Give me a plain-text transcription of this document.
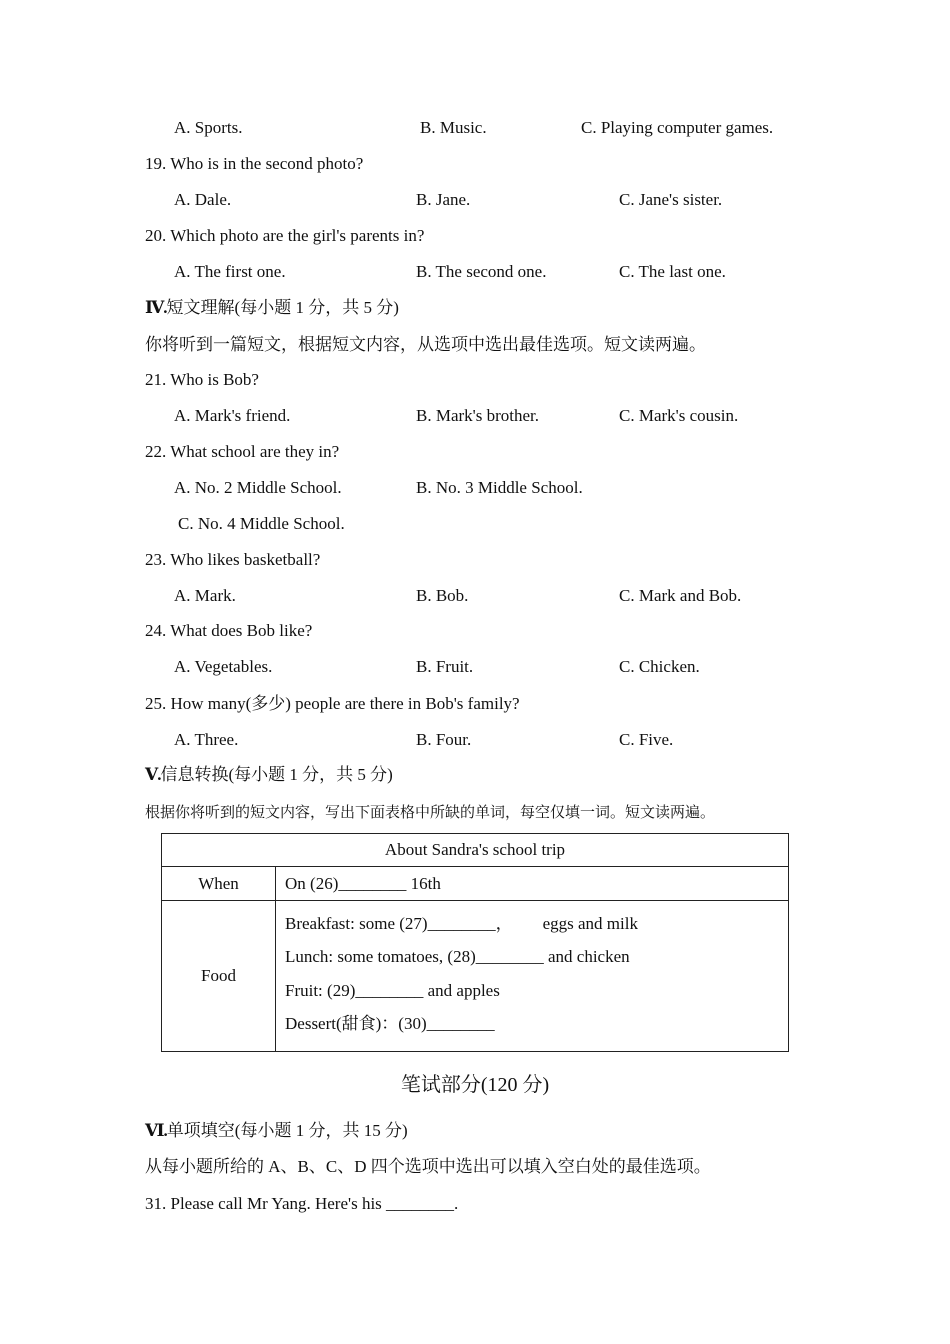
A. Sports.	B. Music.	C. Playing computer games.
19. Who is in the second photo?
A. Dale.	B. Jane.	C. Jane's sister.
20. Which photo are the girl's parents in?
A. The first one.	B. The second one.	C. The last one.
Ⅳ.短文理解(每小题 1 分，共 5 分)
你将听到一篇短文，根据短文内容，从选项中选出最佳选项。短文读两遍。
21. Who is Bob?
A. Mark's friend.	B. Mark's brother.	C. Mark's cousin.
22. What school are they in?
A. No. 2 Middle School.	B. No. 3 Middle School.
C. No. 4 Middle School.
23. Who likes basketball?
A. Mark.	B. Bob.	C. Mark and Bob.
24. What does Bob like?
A. Vegetables.	B. Fruit.	C. Chicken.
25. How many(多少) people are there in Bob's family?
A. Three.	B. Four.	C. Five.
Ⅴ.信息转换(每小题 1 分，共 5 分)
根据你将听到的短文内容，写出下面表格中所缺的单词，每空仅填一词。短文读两遍。
About Sandra's school trip	
When	On (26)________ 16th
Food	Breakfast: some (27)________， eggs and milk
Lunch: some tomatoes, (28)________ and chicken
Fruit: (29)________ and apples
Dessert(甜食)：(30)________
笔试部分(120 分)
Ⅵ.单项填空(每小题 1 分，共 15 分)
从每小题所给的 A、B、C、D 四个选项中选出可以填入空白处的最佳选项。
31. Please call Mr Yang. Here's his ________.
